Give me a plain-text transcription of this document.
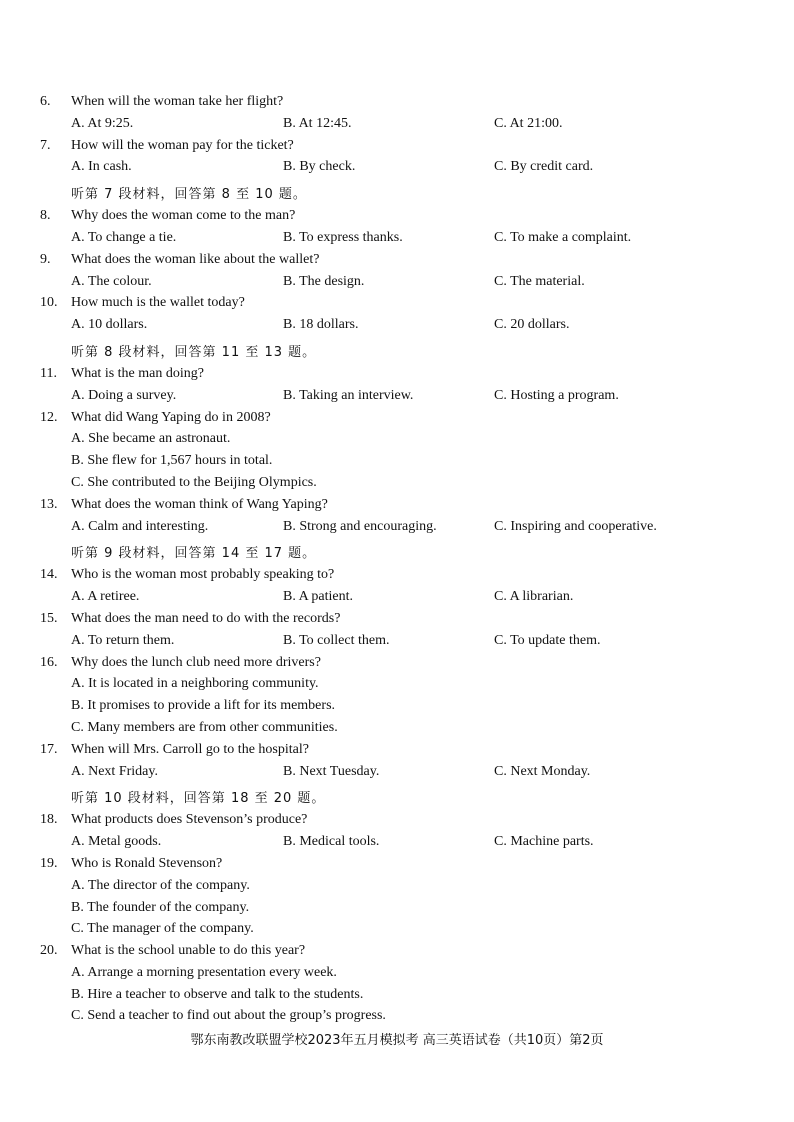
6.	When will the woman take her flight?
A. At 9:25.	B. At 12:45.	C. At 21:00.
7.	How will the woman pay for the ticket?
A. In cash.	B. By check.	C. By credit card.
听第 7 段材料，回答第 8 至 10 题。
8.	Why does the woman come to the man?
A. To change a tie.	B. To express thanks.	C. To make a complaint.
9.	What does the woman like about the wallet?
A. The colour.	B. The design.	C. The material.
10. How much is the wallet today?
A. 10 dollars.	B. 18 dollars.	C. 20 dollars.
听第 8 段材料，回答第 11 至 13 题。
11.	What is the man doing?
A. Doing a survey.	B. Taking an interview.	C. Hosting a program.
12. What did Wang Yaping do in 2008?
A. She became an astronaut.
B. She flew for 1,567 hours in total.
C. She contributed to the Beijing Olympics.
13. What does the woman think of Wang Yaping?
A. Calm and interesting.	B. Strong and encouraging.	C. Inspiring and cooperative.
听第 9 段材料，回答第 14 至 17 题。
14. Who is the woman most probably speaking to?
A. A retiree.	B. A patient.	C. A librarian.
15. What does the man need to do with the records?
A. To return them.	B. To collect them.	C. To update them.
16. Why does the lunch club need more drivers?
A. It is located in a neighboring community.
B. It promises to provide a lift for its members.
C. Many members are from other communities.
17. When will Mrs. Carroll go to the hospital?
A. Next Friday.	B. Next Tuesday.	C. Next Monday.
听第 10 段材料，回答第 18 至 20 题。
18. What products does Stevenson’s produce?
A. Metal goods.	B. Medical tools.	C. Machine parts.
19. Who is Ronald Stevenson?
A. The director of the company.
B. The founder of the company.
C. The manager of the company.
20. What is the school unable to do this year?
A. Arrange a morning presentation every week.
B. Hire a teacher to observe and talk to the students.
C. Send a teacher to find out about the group’s progress.
鄂东南教改联盟学校2023年五月模拟考 高三英语试卷（共10页）第2页
